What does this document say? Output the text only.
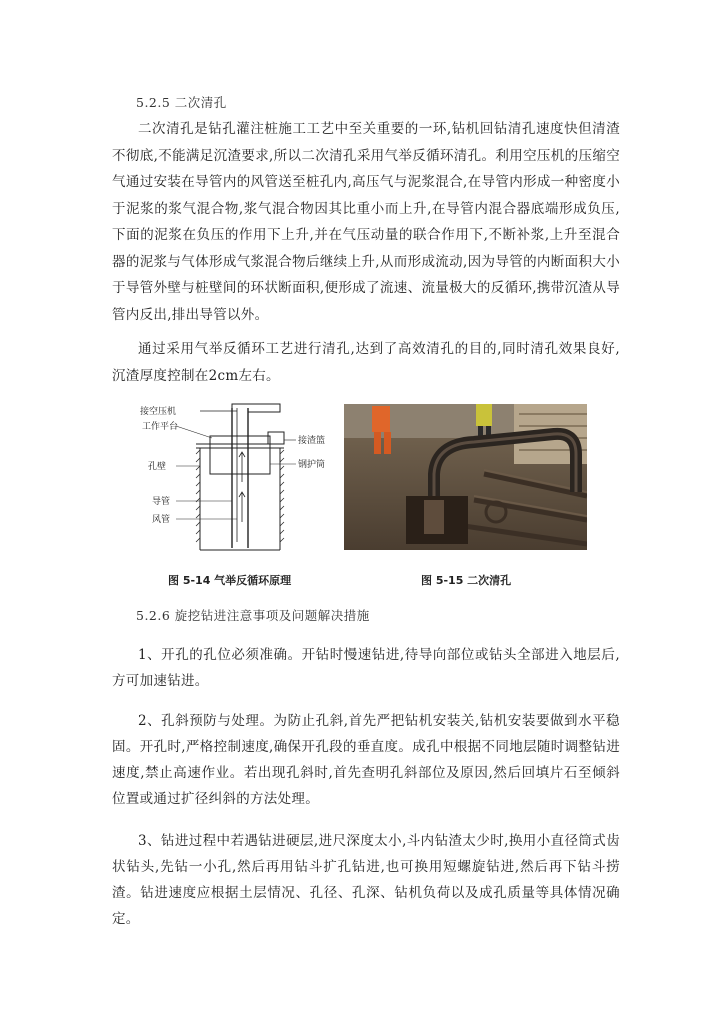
5.2.5 二次清孔

二次清孔是钻孔灌注桩施工工艺中至关重要的一环,钻机回钻清孔速度快但清渣不彻底,不能满足沉渣要求,所以二次清孔采用气举反循环清孔。利用空压机的压缩空气通过安装在导管内的风管送至桩孔内,高压气与泥浆混合,在导管内形成一种密度小于泥浆的浆气混合物,浆气混合物因其比重小而上升,在导管内混合器底端形成负压,下面的泥浆在负压的作用下上升,并在气压动量的联合作用下,不断补浆,上升至混合器的泥浆与气体形成气浆混合物后继续上升,从而形成流动,因为导管的内断面积大小于导管外壁与桩壁间的环状断面积,便形成了流速、流量极大的反循环,携带沉渣从导管内反出,排出导管以外。

通过采用气举反循环工艺进行清孔,达到了高效清孔的目的,同时清孔效果良好,沉渣厚度控制在2cm左右。

接空压机
工作平台
孔壁
导管
风管
接渣篮
钢护筒
图 5-14 气举反循环原理	图 5-15 二次清孔
5.2.6 旋挖钻进注意事项及问题解决措施

1、开孔的孔位必须准确。开钻时慢速钻进,待导向部位或钻头全部进入地层后,方可加速钻进。

2、孔斜预防与处理。为防止孔斜,首先严把钻机安装关,钻机安装要做到水平稳固。开孔时,严格控制速度,确保开孔段的垂直度。成孔中根据不同地层随时调整钻进速度,禁止高速作业。若出现孔斜时,首先查明孔斜部位及原因,然后回填片石至倾斜位置或通过扩径纠斜的方法处理。

3、钻进过程中若遇钻进硬层,进尺深度太小,斗内钻渣太少时,换用小直径筒式齿状钻头,先钻一小孔,然后再用钻斗扩孔钻进,也可换用短螺旋钻进,然后再下钻斗捞渣。钻进速度应根据土层情况、孔径、孔深、钻机负荷以及成孔质量等具体情况确定。
